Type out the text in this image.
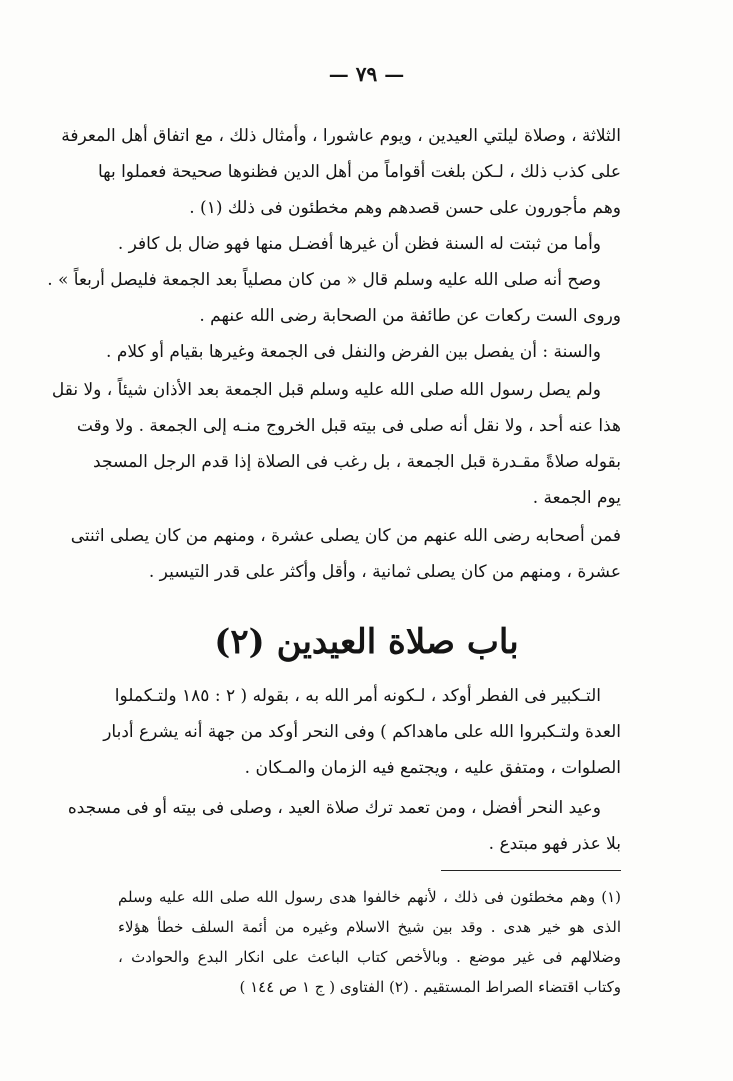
— ٧٩ —
الثلاثة ، وصلاة ليلتي العيدين ، ويوم عاشورا ، وأمثال ذلك ، مع اتفاق أهل المعرفة
على كذب ذلك ، لـكن بلغت أقواماً من أهل الدين فظنوها صحيحة فعملوا بها
وهم مأجورون على حسن قصدهم وهم مخطئون فى ذلك (١) .
وأما من ثبتت له السنة فظن أن غيرها أفضـل منها فهو ضال بل كافر .
وصح أنه صلى الله عليه وسلم قال « من كان مصلياً بعد الجمعة فليصل أربعاً » .
وروى الست ركعات عن طائفة من الصحابة رضى الله عنهم .
والسنة : أن يفصل بين الفرض والنفل فى الجمعة وغيرها بقيام أو كلام .
ولم يصل رسول الله صلى الله عليه وسلم قبل الجمعة بعد الأذان شيئاً ، ولا نقل
هذا عنه أحد ، ولا نقل أنه صلى فى بيته قبل الخروج منـه إلى الجمعة . ولا وقت
بقوله صلاةً مقـدرة قبل الجمعة ، بل رغب فى الصلاة إذا قدم الرجل المسجد
يوم الجمعة .
فمن أصحابه رضى الله عنهم من كان يصلى عشرة ، ومنهم من كان يصلى اثنتى
عشرة ، ومنهم من كان يصلى ثمانية ، وأقل وأكثر على قدر التيسير .
باب صلاة العيدين (٢)
التـكبير فى الفطر أوكد ، لـكونه أمر الله به ، بقوله ( ٢ : ١٨٥ ولتـكملوا
العدة ولتـكبروا الله على ماهداكم ) وفى النحر أوكد من جهة أنه يشرع أدبار
الصلوات ، ومتفق عليه ، ويجتمع فيه الزمان والمـكان .
وعيد النحر أفضل ، ومن تعمد ترك صلاة العيد ، وصلى فى بيته أو فى مسجده
بلا عذر فهو مبتدع .
(١) وهم مخطئون فى ذلك ، لأنهم خالفوا هدى رسول الله صلى الله عليه وسلم
الذى هو خير هدى . وقد بين شيخ الاسلام وغيره من أئمة السلف خطأ هؤلاء
وضلالهم فى غير موضع . وبالأخص كتاب الباعث على انكار البدع والحوادث ،
وكتاب اقتضاء الصراط المستقيم . (٢) الفتاوى ( ج ١ ص ١٤٤ )
